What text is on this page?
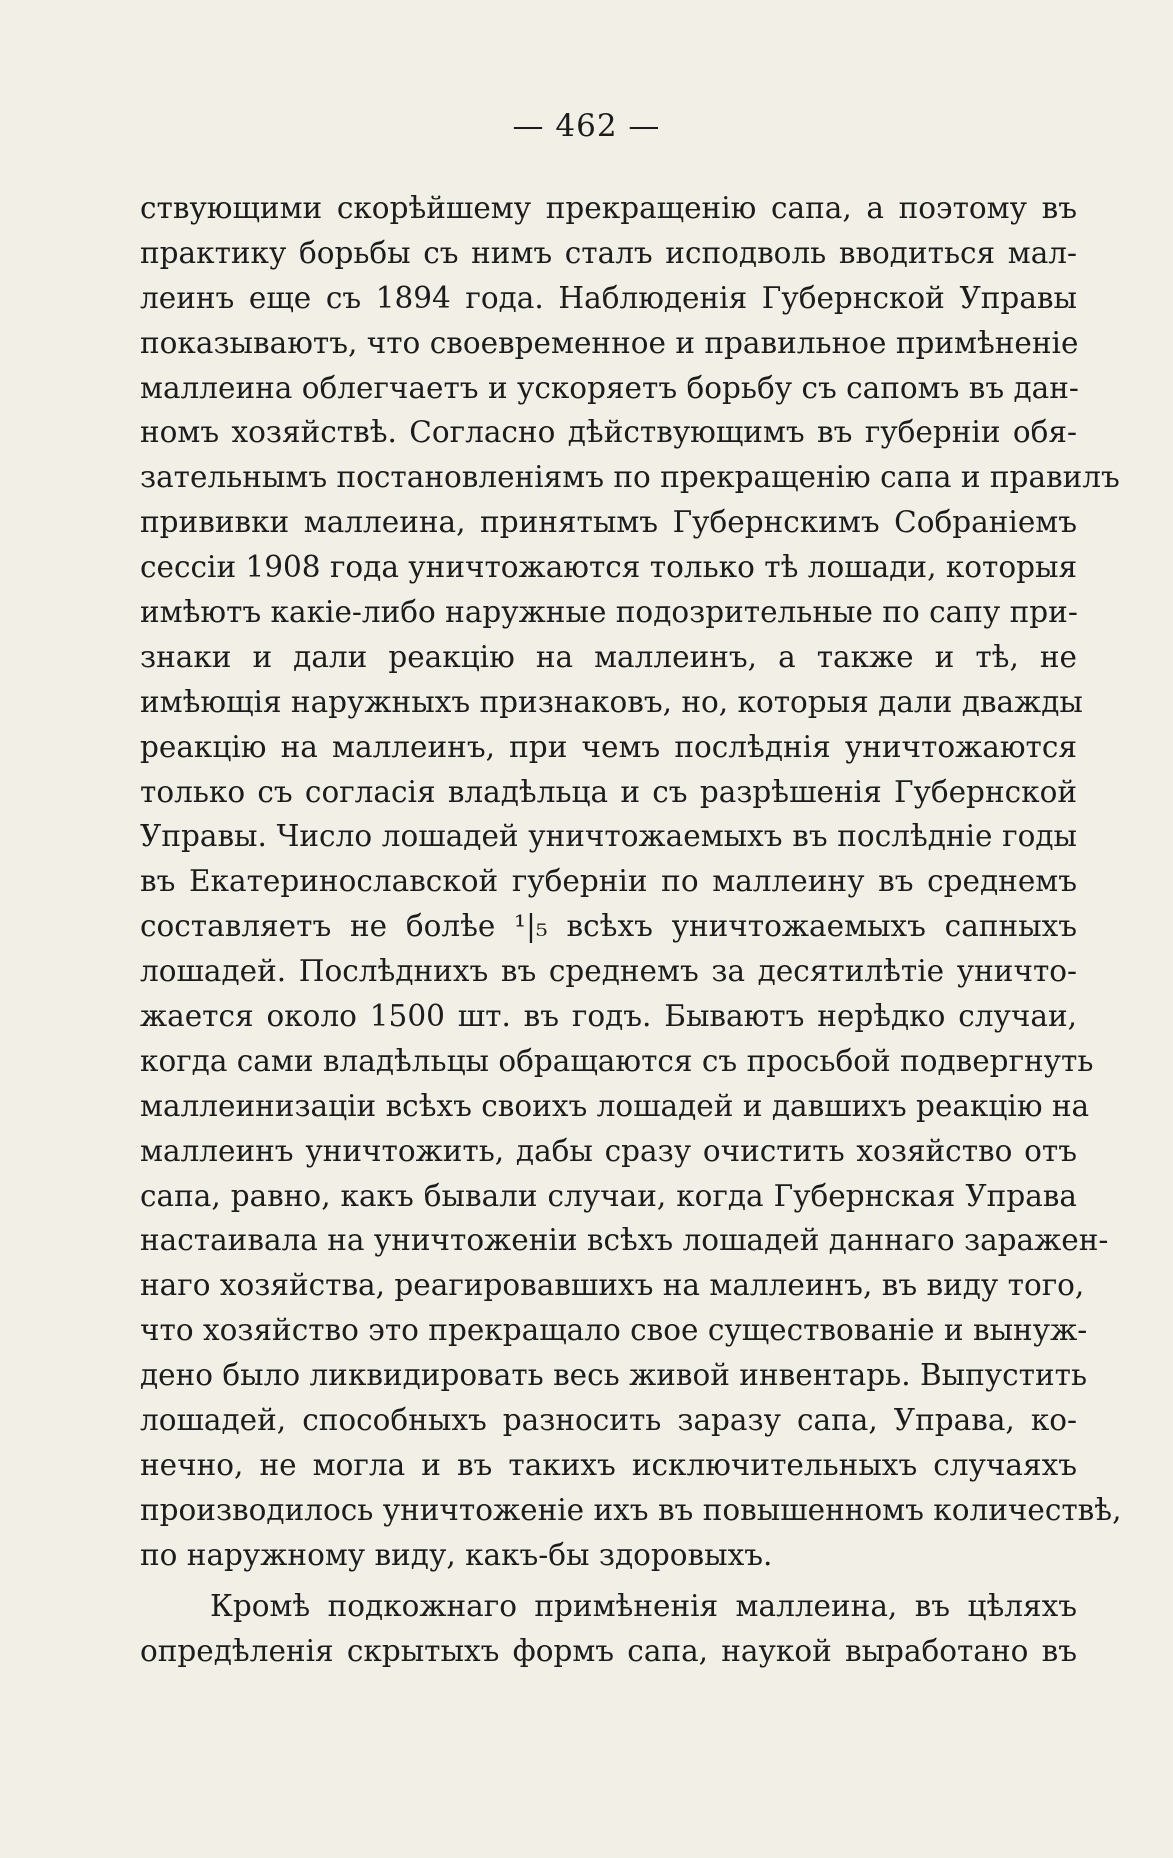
— 462 —
ствующими скорѣйшему прекращенію сапа, а поэтому въ
практику борьбы съ нимъ сталъ исподволь вводиться мал-
леинъ еще съ 1894 года. Наблюденія Губернской Управы
показываютъ, что своевременное и правильное примѣненіе
маллеина облегчаетъ и ускоряетъ борьбу съ сапомъ въ дан-
номъ хозяйствѣ. Согласно дѣйствующимъ въ губерніи обя-
зательнымъ постановленіямъ по прекращенію сапа и правилъ
прививки маллеина, принятымъ Губернскимъ Собраніемъ
сессіи 1908 года уничтожаются только тѣ лошади, которыя
имѣютъ какіе-либо наружные подозрительные по сапу при-
знаки и дали реакцію на маллеинъ, а также и тѣ, не
имѣющія наружныхъ признаковъ, но, которыя дали дважды
реакцію на маллеинъ, при чемъ послѣднія уничтожаются
только съ согласія владѣльца и съ разрѣшенія Губернской
Управы. Число лошадей уничтожаемыхъ въ послѣдніе годы
въ Екатеринославской губерніи по маллеину въ среднемъ
составляетъ не болѣе ¹|₅ всѣхъ уничтожаемыхъ сапныхъ
лошадей. Послѣднихъ въ среднемъ за десятилѣтіе уничто-
жается около 1500 шт. въ годъ. Бываютъ нерѣдко случаи,
когда сами владѣльцы обращаются съ просьбой подвергнуть
маллеинизаціи всѣхъ своихъ лошадей и давшихъ реакцію на
маллеинъ уничтожить, дабы сразу очистить хозяйство отъ
сапа, равно, какъ бывали случаи, когда Губернская Управа
настаивала на уничтоженіи всѣхъ лошадей даннаго заражен-
наго хозяйства, реагировавшихъ на маллеинъ, въ виду того,
что хозяйство это прекращало свое существованіе и вынуж-
дено было ликвидировать весь живой инвентарь. Выпустить
лошадей, способныхъ разносить заразу сапа, Управа, ко-
нечно, не могла и въ такихъ исключительныхъ случаяхъ
производилось уничтоженіе ихъ въ повышенномъ количествѣ,
по наружному виду, какъ-бы здоровыхъ.
Кромѣ подкожнаго примѣненія маллеина, въ цѣляхъ
опредѣленія скрытыхъ формъ сапа, наукой выработано въ
